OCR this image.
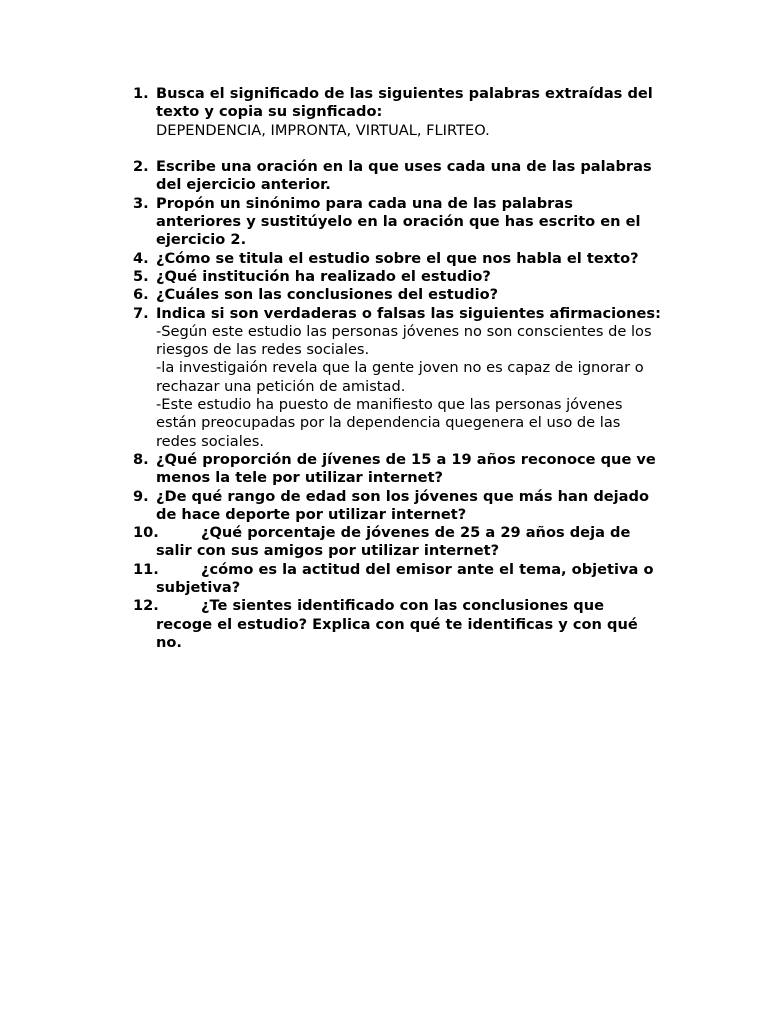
1. Busca el significado de las siguientes palabras extraídas del texto y copia su signficado:
DEPENDENCIA, IMPRONTA, VIRTUAL, FLIRTEO.
2. Escribe una oración en la que uses cada una de las palabras del ejercicio anterior.
3. Propón un sinónimo para cada una de las palabras anteriores y sustitúyelo en la oración que has escrito en el ejercicio 2.
4. ¿Cómo se titula el estudio sobre el que nos habla el texto?
5. ¿Qué institución ha realizado el estudio?
6. ¿Cuáles son las conclusiones del estudio?
7. Indica si son verdaderas o falsas las siguientes afirmaciones:
-Según este estudio las personas jóvenes no son conscientes de los riesgos de las redes sociales.
-la investigaión revela que la gente joven no es capaz de ignorar o rechazar una petición de amistad.
-Este estudio ha puesto de manifiesto que las personas jóvenes están preocupadas por la dependencia quegenera el uso de las redes sociales.
8. ¿Qué proporción de jívenes de 15 a 19 años reconoce que ve menos la tele por utilizar internet?
9. ¿De qué rango de edad son los jóvenes que más han dejado de hace deporte por utilizar internet?
10.	¿Qué porcentaje de jóvenes de 25 a 29 años deja de salir con sus amigos por utilizar internet?
11.	¿cómo es la actitud del emisor ante el tema, objetiva o subjetiva?
12.	¿Te sientes identificado con las conclusiones que recoge el estudio? Explica con qué te identificas y con qué no.
